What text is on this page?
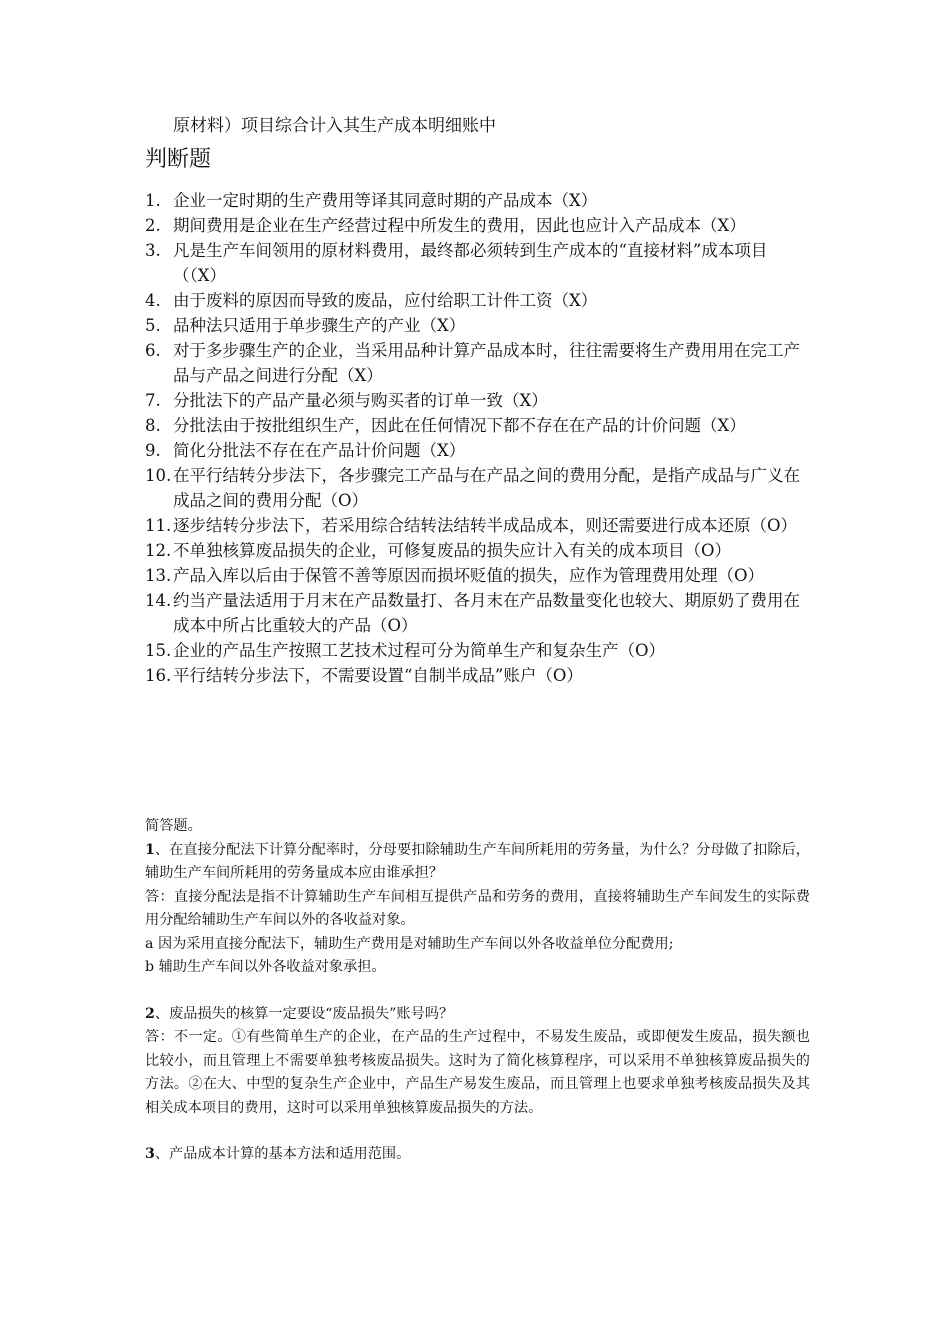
原材料）项目综合计入其生产成本明细账中
判断题
1. 企业一定时期的生产费用等译其同意时期的产品成本（X）
2. 期间费用是企业在生产经营过程中所发生的费用，因此也应计入产品成本（X）
3. 凡是生产车间领用的原材料费用，最终都必须转到生产成本的“直接材料”成本项目（（X）
4. 由于废料的原因而导致的废品，应付给职工计件工资（X）
5. 品种法只适用于单步骤生产的产业（X）
6. 对于多步骤生产的企业，当采用品种计算产品成本时，往往需要将生产费用用在完工产品与产品之间进行分配（X）
7. 分批法下的产品产量必须与购买者的订单一致（X）
8. 分批法由于按批组织生产，因此在任何情况下都不存在在产品的计价问题（X）
9. 简化分批法不存在在产品计价问题（X）
10. 在平行结转分步法下，各步骤完工产品与在产品之间的费用分配，是指产成品与广义在成品之间的费用分配（O）
11. 逐步结转分步法下，若采用综合结转法结转半成品成本，则还需要进行成本还原（O）
12. 不单独核算废品损失的企业，可修复废品的损失应计入有关的成本项目（O）
13. 产品入库以后由于保管不善等原因而损坏贬值的损失，应作为管理费用处理（O）
14. 约当产量法适用于月末在产品数量打、各月末在产品数量变化也较大、期原奶了费用在成本中所占比重较大的产品（O）
15. 企业的产品生产按照工艺技术过程可分为简单生产和复杂生产（O）
16. 平行结转分步法下，不需要设置“自制半成品”账户（O）

简答题。

1、在直接分配法下计算分配率时，分母要扣除辅助生产车间所耗用的劳务量，为什么？分母做了扣除后，辅助生产车间所耗用的劳务量成本应由谁承担？

答：直接分配法是指不计算辅助生产车间相互提供产品和劳务的费用，直接将辅助生产车间发生的实际费用分配给辅助生产车间以外的各收益对象。

a 因为采用直接分配法下，辅助生产费用是对辅助生产车间以外各收益单位分配费用;

b 辅助生产车间以外各收益对象承担。

2、废品损失的核算一定要设“废品损失”账号吗？

答：不一定。①有些简单生产的企业，在产品的生产过程中，不易发生废品，或即便发生废品，损失额也比较小，而且管理上不需要单独考核废品损失。这时为了简化核算程序，可以采用不单独核算废品损失的方法。②在大、中型的复杂生产企业中，产品生产易发生废品，而且管理上也要求单独考核废品损失及其相关成本项目的费用，这时可以采用单独核算废品损失的方法。

3、产品成本计算的基本方法和适用范围。
